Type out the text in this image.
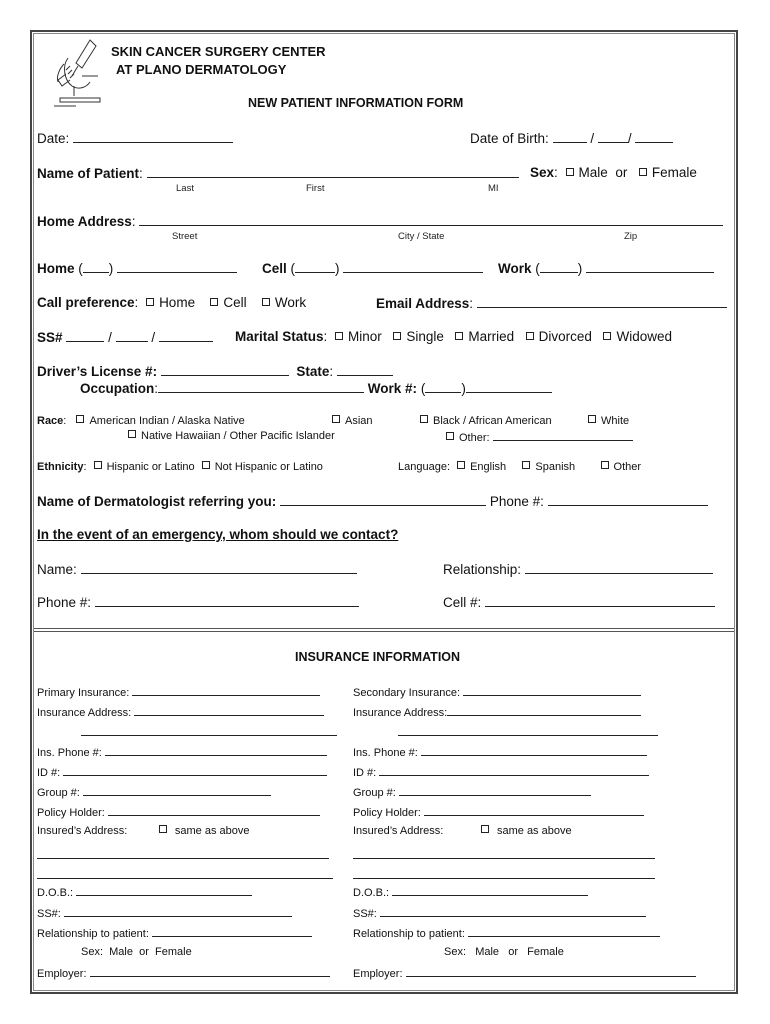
SKIN CANCER SURGERY CENTER
AT PLANO DERMATOLOGY
NEW PATIENT INFORMATION FORM
Date:	Date of Birth:	/	/
Name of Patient:	Sex: Male or Female
Last	First	MI
Home Address:
Street	City / State	Zip
Home ( )	Cell (	)	Work (	)
Call preference: Home Cell Work	Email Address:
SS#	/	/	Marital Status: Minor Single Married Divorced Widowed
Driver’s License #:	State:
Occupation:	Work #: (	)
Race:  American Indian / Alaska Native	Asian	Black / African American	White
Native Hawaiian / Other Pacific Islander	Other:
Ethnicity: Hispanic or Latino Not Hispanic or Latino	Language: English	Spanish	Other
Name of Dermatologist referring you:	Phone #:
In the event of an emergency, whom should we contact?
Name:	Relationship:
Phone #:	Cell #:
INSURANCE INFORMATION
Primary Insurance:
Insurance Address:
Ins. Phone #:
ID #:
Group #:
Policy Holder:
Insured’s Address:	same as above
D.O.B.:
SS#:
Relationship to patient:
Sex: Male or Female
Employer:
Secondary Insurance:
Insurance Address:
Ins. Phone #:
ID #:
Group #:
Policy Holder:
Insured’s Address:	same as above
D.O.B.:
SS#:
Relationship to patient:
Sex: Male or Female
Employer:
